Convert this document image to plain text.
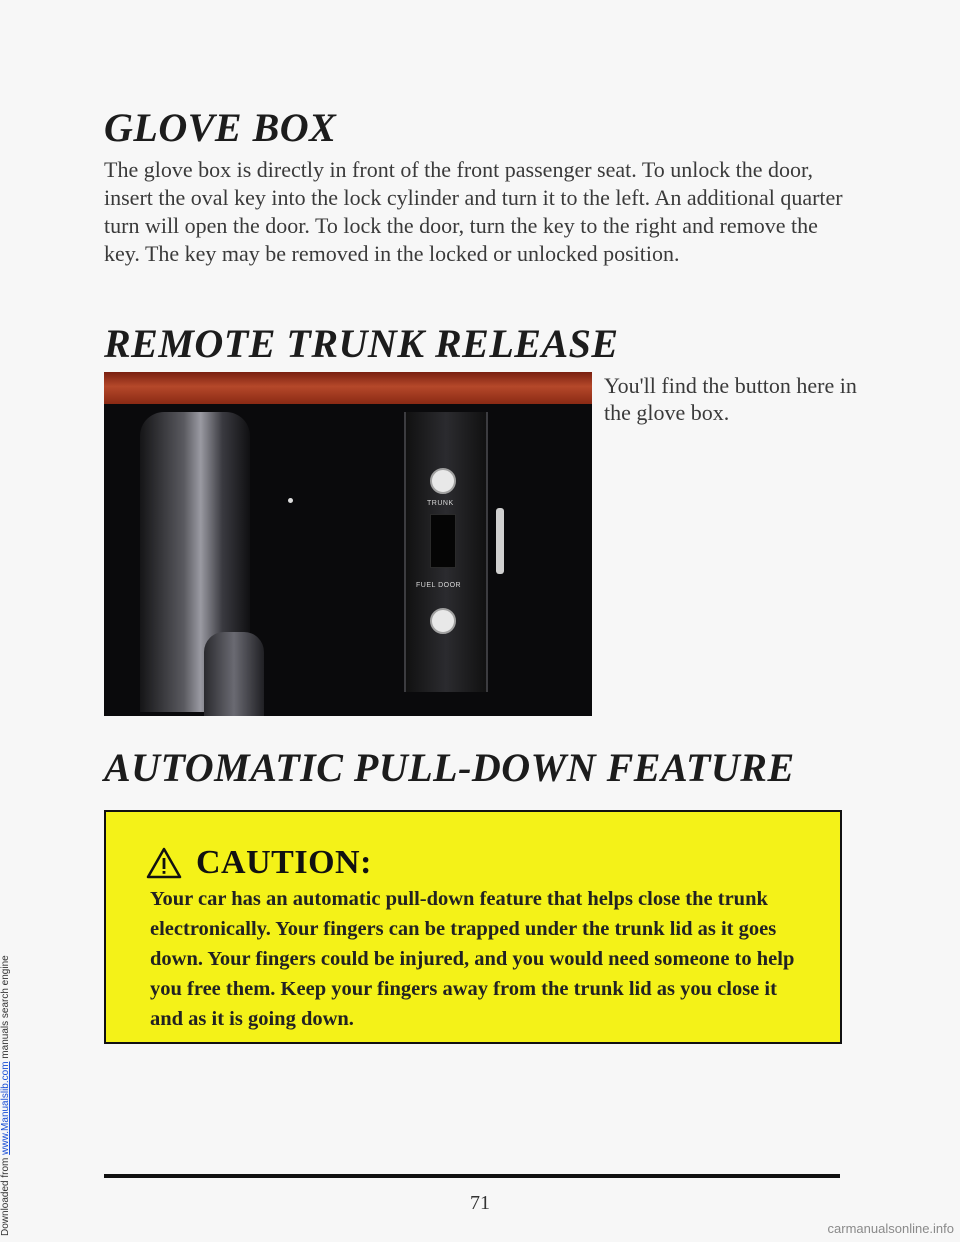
Downloaded from www.Manualslib.com manuals search engine
GLOVE BOX

The glove box is directly in front of the front passenger seat. To unlock the door, insert the oval key into the lock cylinder and turn it to the left. An additional quarter turn will open the door. To lock the door, turn the key to the right and remove the key. The key may be removed in the locked or unlocked position.

REMOTE TRUNK RELEASE
TRUNK
FUEL DOOR
You'll find the button here in the glove box.
AUTOMATIC PULL-DOWN FEATURE
CAUTION:

Your car has an automatic pull-down feature that helps close the trunk electronically. Your fingers can be trapped under the trunk lid as it goes down. Your fingers could be injured, and you would need someone to help you free them. Keep your fingers away from the trunk lid as you close it and as it is going down.

71
carmanualsonline.info
